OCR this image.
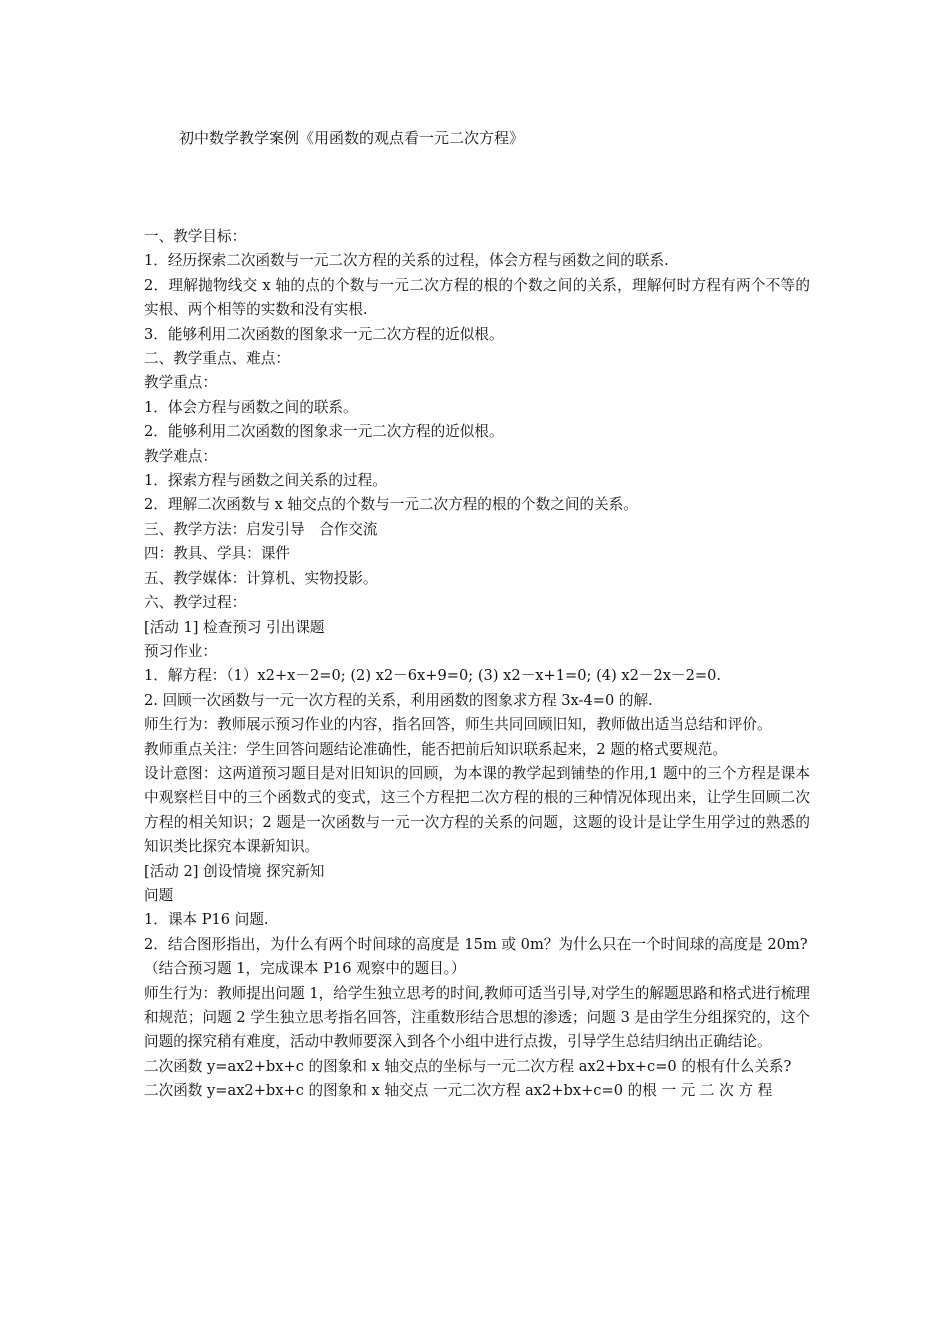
初中数学教学案例《用函数的观点看一元二次方程》

一、教学目标：

1．经历探索二次函数与一元二次方程的关系的过程，体会方程与函数之间的联系.

2．理解抛物线交 x 轴的点的个数与一元二次方程的根的个数之间的关系，理解何时方程有两个不等的实根、两个相等的实数和没有实根.

3．能够利用二次函数的图象求一元二次方程的近似根。

二、教学重点、难点：

教学重点：

1．体会方程与函数之间的联系。

2．能够利用二次函数的图象求一元二次方程的近似根。

教学难点：

1．探索方程与函数之间关系的过程。

2．理解二次函数与 x 轴交点的个数与一元二次方程的根的个数之间的关系。

三、教学方法：启发引导　合作交流

四：教具、学具：课件

五、教学媒体：计算机、实物投影。

六、教学过程：

[活动 1] 检查预习 引出课题

预习作业：

1．解方程：（1）x2+x－2=0; (2) x2－6x+9=0; (3) x2－x+1=0; (4) x2－2x－2=0.

2. 回顾一次函数与一元一次方程的关系，利用函数的图象求方程 3x-4=0 的解.

师生行为：教师展示预习作业的内容，指名回答，师生共同回顾旧知，教师做出适当总结和评价。

教师重点关注：学生回答问题结论准确性，能否把前后知识联系起来，2 题的格式要规范。

设计意图：这两道预习题目是对旧知识的回顾，为本课的教学起到铺垫的作用,1 题中的三个方程是课本中观察栏目中的三个函数式的变式，这三个方程把二次方程的根的三种情况体现出来，让学生回顾二次方程的相关知识；2 题是一次函数与一元一次方程的关系的问题，这题的设计是让学生用学过的熟悉的知识类比探究本课新知识。

[活动 2] 创设情境 探究新知

问题

1．课本 P16 问题.

2．结合图形指出，为什么有两个时间球的高度是 15m 或 0m？为什么只在一个时间球的高度是 20m?

（结合预习题 1，完成课本 P16 观察中的题目。）

师生行为：教师提出问题 1，给学生独立思考的时间,教师可适当引导,对学生的解题思路和格式进行梳理和规范；问题 2 学生独立思考指名回答，注重数形结合思想的渗透；问题 3 是由学生分组探究的，这个问题的探究稍有难度，活动中教师要深入到各个小组中进行点拨，引导学生总结归纳出正确结论。

二次函数 y=ax2+bx+c 的图象和 x 轴交点的坐标与一元二次方程 ax2+bx+c=0 的根有什么关系?

二次函数 y=ax2+bx+c 的图象和 x 轴交点 一元二次方程 ax2+bx+c=0 的根 一 元 二 次 方 程
